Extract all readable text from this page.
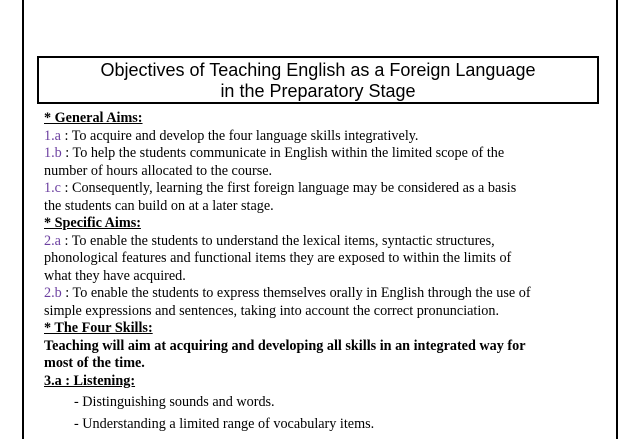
Objectives of Teaching English as a Foreign Language
in the Preparatory Stage
* General Aims:
1.a : To acquire and develop the four language skills integratively.
1.b : To help the students communicate in English within the limited scope of the
number of hours allocated to the course.
1.c : Consequently, learning the first foreign language may be considered as a basis
the students can build on at a later stage.
* Specific Aims:
2.a : To enable the students to understand the lexical items, syntactic structures,
phonological features and functional items they are exposed to within the limits of
what they have acquired.
2.b : To enable the students to express themselves orally in English through the use of
simple expressions and sentences, taking into account the correct pronunciation.
* The Four Skills:
Teaching will aim at acquiring and developing all skills in an integrated way for
most of the time.
3.a : Listening:
- Distinguishing sounds and words.
- Understanding a limited range of vocabulary items.
